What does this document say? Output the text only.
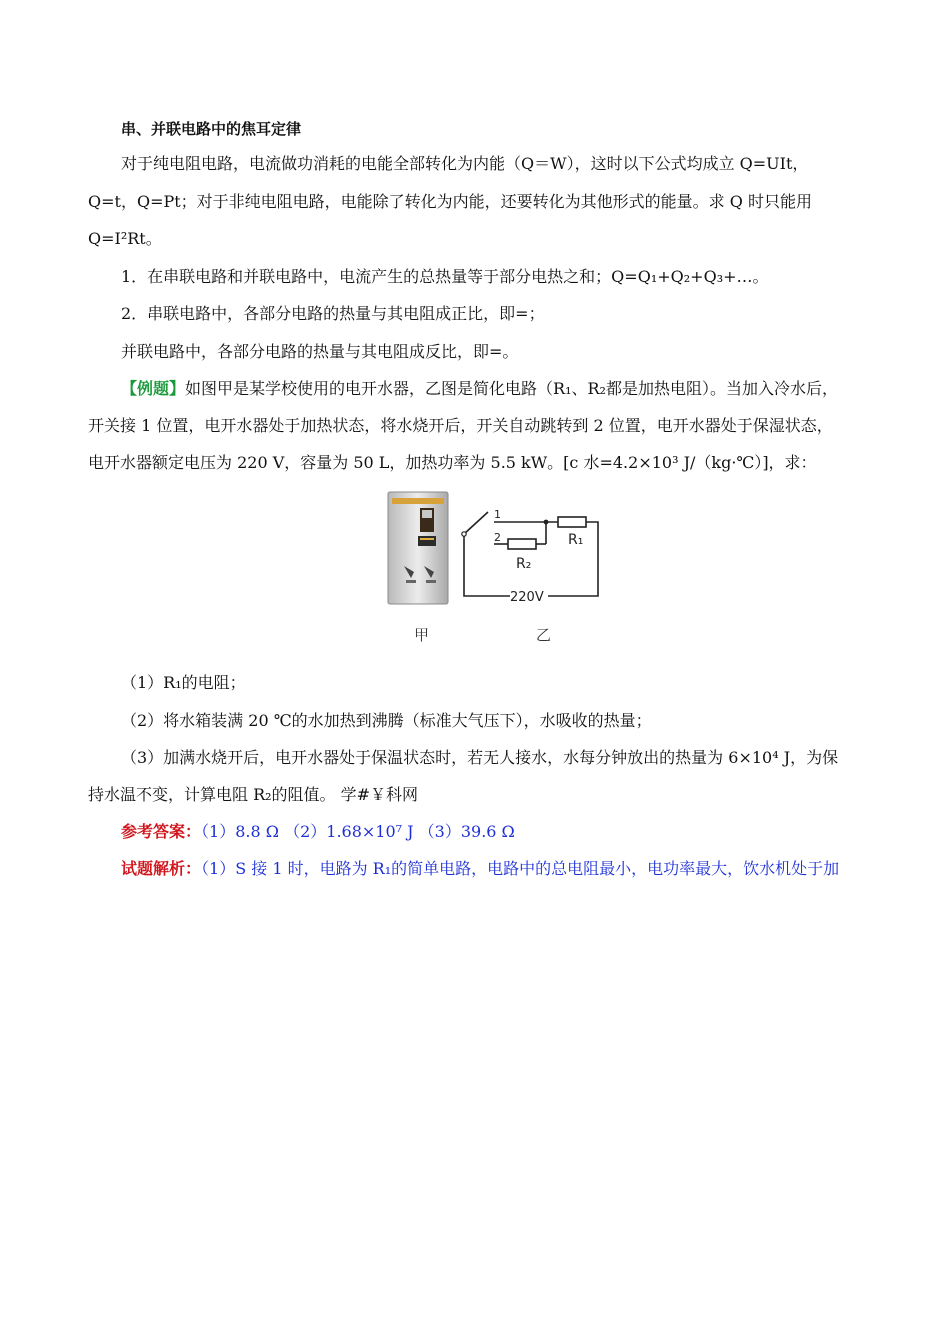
串、并联电路中的焦耳定律
对于纯电阻电路，电流做功消耗的电能全部转化为内能（Q＝W），这时以下公式均成立 Q=UIt，
Q=t，Q=Pt；对于非纯电阻电路，电能除了转化为内能，还要转化为其他形式的能量。求 Q 时只能用
Q=I²Rt。
1．在串联电路和并联电路中，电流产生的总热量等于部分电热之和；Q=Q₁+Q₂+Q₃+…。
2．串联电路中，各部分电路的热量与其电阻成正比，即=；
并联电路中，各部分电路的热量与其电阻成反比，即=。
【例题】如图甲是某学校使用的电开水器，乙图是简化电路（R₁、R₂都是加热电阻）。当加入冷水后，
开关接 1 位置，电开水器处于加热状态，将水烧开后，开关自动跳转到 2 位置，电开水器处于保湿状态，
电开水器额定电压为 220 V，容量为 50 L，加热功率为 5.5 kW。[c 水=4.2×10³ J/（kg·℃）]，求：
甲
1
2	R₁
R₂
220V
乙
（1）R₁的电阻；
（2）将水箱装满 20 ℃的水加热到沸腾（标准大气压下），水吸收的热量；
（3）加满水烧开后，电开水器处于保温状态时，若无人接水，水每分钟放出的热量为 6×10⁴ J，为保
持水温不变，计算电阻 R₂的阻值。 学#￥科网
参考答案：（1）8.8 Ω （2）1.68×10⁷ J （3）39.6 Ω
试题解析：（1）S 接 1 时，电路为 R₁的简单电路，电路中的总电阻最小，电功率最大，饮水机处于加
